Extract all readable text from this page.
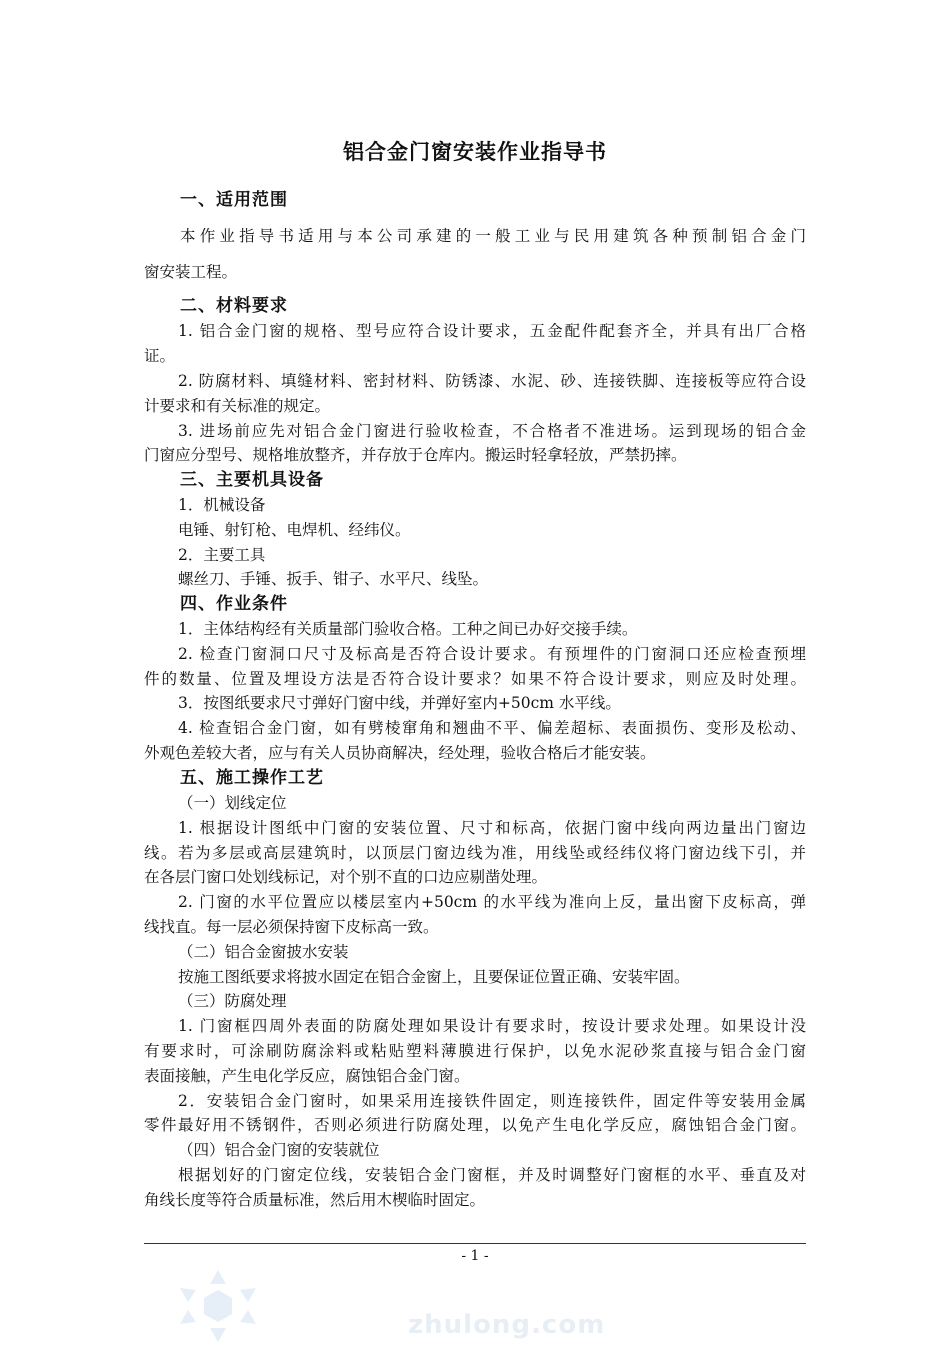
铝合金门窗安装作业指导书
一、适用范围
本作业指导书适用与本公司承建的一般工业与民用建筑各种预制铝合金门
窗安装工程。
二、材料要求
1. 铝合金门窗的规格、型号应符合设计要求，五金配件配套齐全，并具有出厂合格
证。
2. 防腐材料、填缝材料、密封材料、防锈漆、水泥、砂、连接铁脚、连接板等应符合设
计要求和有关标准的规定。
3. 进场前应先对铝合金门窗进行验收检查，不合格者不准进场。运到现场的铝合金
门窗应分型号、规格堆放整齐，并存放于仓库内。搬运时轻拿轻放，严禁扔摔。
三、主要机具设备
1．机械设备
电锤、射钉枪、电焊机、经纬仪。
2．主要工具
螺丝刀、手锤、扳手、钳子、水平尺、线坠。
四、作业条件
1．主体结构经有关质量部门验收合格。工种之间已办好交接手续。
2. 检查门窗洞口尺寸及标高是否符合设计要求。有预埋件的门窗洞口还应检查预埋
件的数量、位置及埋设方法是否符合设计要求？如果不符合设计要求，则应及时处理。
3．按图纸要求尺寸弹好门窗中线，并弹好室内+50cm 水平线。
4. 检查铝合金门窗，如有劈棱窜角和翘曲不平、偏差超标、表面损伤、变形及松动、
外观色差较大者，应与有关人员协商解决，经处理，验收合格后才能安装。
五、施工操作工艺
（一）划线定位
1. 根据设计图纸中门窗的安装位置、尺寸和标高，依据门窗中线向两边量出门窗边
线。若为多层或高层建筑时，以顶层门窗边线为准，用线坠或经纬仪将门窗边线下引，并
在各层门窗口处划线标记，对个别不直的口边应剔凿处理。
2. 门窗的水平位置应以楼层室内+50cm 的水平线为准向上反，量出窗下皮标高，弹
线找直。每一层必须保持窗下皮标高一致。
（二）铝合金窗披水安装
按施工图纸要求将披水固定在铝合金窗上，且要保证位置正确、安装牢固。
（三）防腐处理
1. 门窗框四周外表面的防腐处理如果设计有要求时，按设计要求处理。如果设计没
有要求时，可涂刷防腐涂料或粘贴塑料薄膜进行保护，以免水泥砂浆直接与铝合金门窗
表面接触，产生电化学反应，腐蚀铝合金门窗。
2．安装铝合金门窗时，如果采用连接铁件固定，则连接铁件，固定件等安装用金属
零件最好用不锈钢件，否则必须进行防腐处理，以免产生电化学反应，腐蚀铝合金门窗。
（四）铝合金门窗的安装就位
根据划好的门窗定位线，安装铝合金门窗框，并及时调整好门窗框的水平、垂直及对
角线长度等符合质量标准，然后用木楔临时固定。
- 1 -
zhulong.com
